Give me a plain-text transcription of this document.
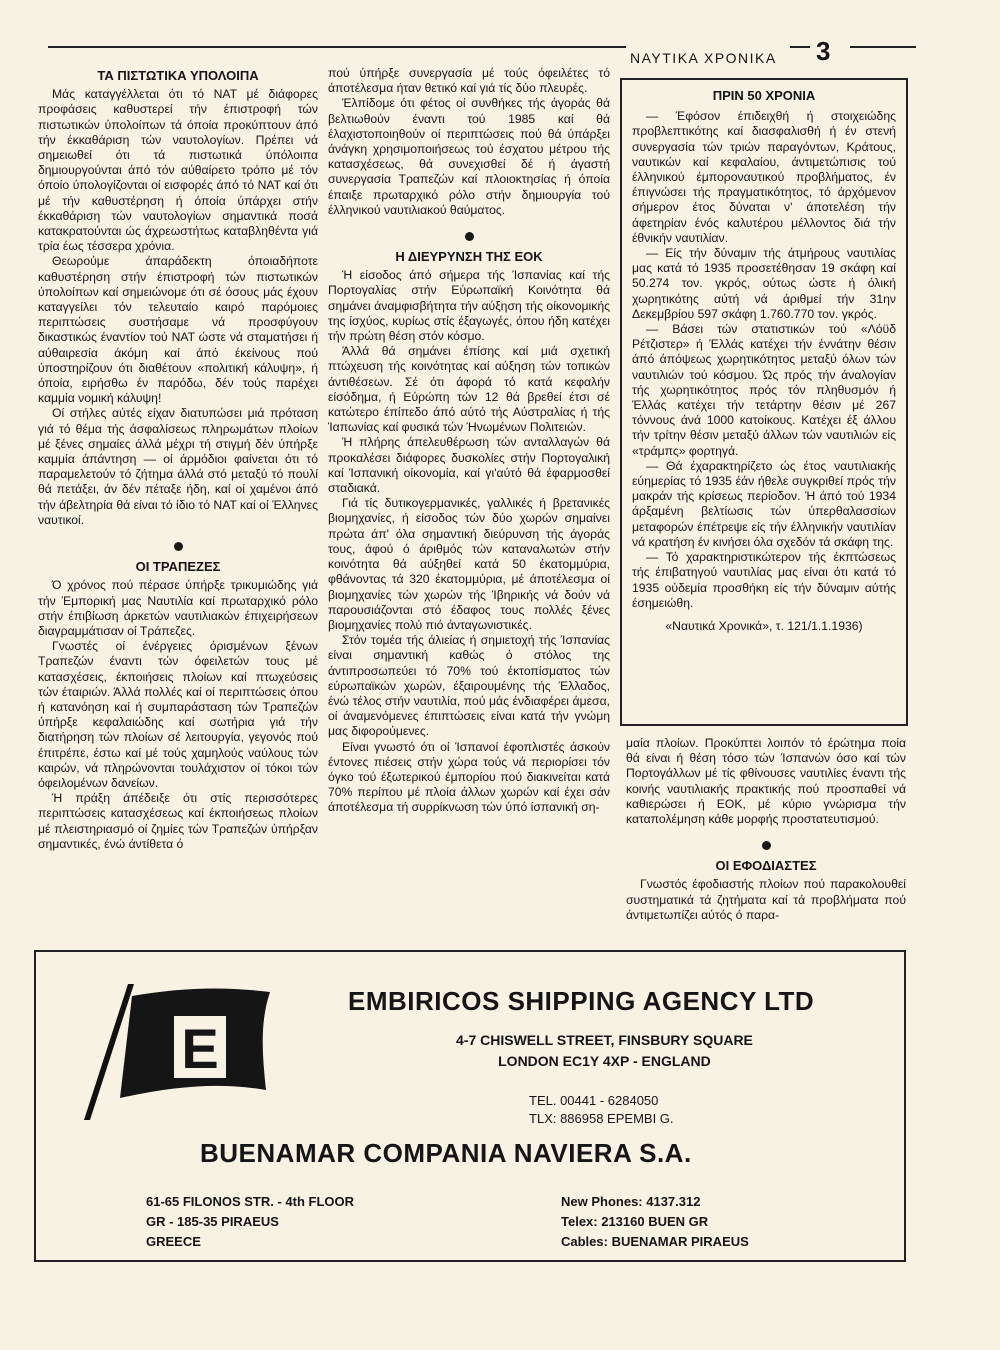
ΝΑΥΤΙΚΑ ΧΡΟΝΙΚΑ 3
ΤΑ ΠΙΣΤΩΤΙΚΑ ΥΠΟΛΟΙΠΑ

Μάς καταγγέλλεται ότι τό ΝΑΤ μέ διάφορες προφάσεις καθυστερεί τήν έπιστροφή τών πιστωτικών ύπολοίπων τά όποία προκύπτουν άπό τήν έκκαθάριση τών ναυτολογίων. Πρέπει νά σημειωθεί ότι τά πιστωτικά ύπόλοιπα δημιουργούνται άπό τόν αύθαίρετο τρόπο μέ τόν όποίο ύπολογίζονται οί εισφορές άπό τό ΝΑΤ καί ότι μέ τήν καθυστέρηση ή όποία ύπάρχει στήν έκκαθάριση τών ναυτολογίων σημαντικά ποσά κατακρατούνται ώς άχρεωστήτως καταβληθέντα γιά τρία έως τέσσερα χρόνια.

Θεωρούμε άπαράδεκτη όποιαδήποτε καθυστέρηση στήν έπιστροφή τών πιστωτικών ύπολοίπων καί σημειώνομε ότι σέ όσους μάς έχουν καταγγείλει τόν τελευταίο καιρό παρόμοιες περιπτώσεις συστήσαμε νά προσφύγουν δικαστικώς έναντίον τού ΝΑΤ ώστε νά σταματήσει ή αύθαιρεσία άκόμη καί άπό έκείνους πού ύποστηρίζουν ότι διαθέτουν «πολιτική κάλυψη», ή όποία, ειρήσθω έν παρόδω, δέν τούς παρέχει καμμία νομική κάλυψη!

Οί στήλες αύτές είχαν διατυπώσει μιά πρόταση γιά τό θέμα τής άσφαλίσεως πληρωμάτων πλοίων μέ ξένες σημαίες άλλά μέχρι τή στιγμή δέν ύπήρξε καμμία άπάντηση — οί άρμόδιοι φαίνεται ότι τό παραμελετούν τό ζήτημα άλλά στό μεταξύ τό πουλί θά πετάξει, άν δέν πέταξε ήδη, καί οί χαμένοι άπό τήν άβελτηρία θά είναι τό ίδιο τό ΝΑΤ καί οί Έλληνες ναυτικοί.

ΟΙ ΤΡΑΠΕΖΕΣ

Ό χρόνος πού πέρασε ύπήρξε τρικυμιώδης γιά τήν Έμπορική μας Ναυτιλία καί πρωταρχικό ρόλο στήν έπιβίωση άρκετών ναυτιλιακών έπιχειρήσεων διαγραμμάτισαν οί Τράπεζες.

Γνωστές οί ένέργειες όρισμένων ξένων Τραπεζών έναντι τών όφειλετών τους μέ κατασχέσεις, έκποιήσεις πλοίων καί πτωχεύσεις τών έταιριών. Άλλά πολλές καί οί περιπτώσεις όπου ή κατανόηση καί ή συμπαράσταση τών Τραπεζών ύπήρξε κεφαλαιώδης καί σωτήρια γιά τήν διατήρηση τών πλοίων σέ λειτουργία, γεγονός πού έπιτρέπε, έστω καί μέ τούς χαμηλούς ναύλους τών καιρών, νά πληρώνονται τουλάχιστον οί τόκοι τών όφειλομένων δανείων.

Ή πράξη άπέδειξε ότι στίς περισσότερες περιπτώσεις κατασχέσεως καί έκποιήσεως πλοίων μέ πλειστηριασμό οί ζημίες τών Τραπεζών ύπήρξαν σημαντικές, ένώ άντίθετα ό

πού ύπήρξε συνεργασία μέ τούς όφειλέτες τό άποτέλεσμα ήταν θετικό καί γιά τίς δύο πλευρές.

Έλπίδομε ότι φέτος οί συνθήκες τής άγοράς θά βελτιωθούν έναντι τού 1985 καί θά έλαχιστοποιηθούν οί περιπτώσεις πού θά ύπάρξει άνάγκη χρησιμοποιήσεως τού έσχατου μέτρου τής κατασχέσεως, θά συνεχισθεί δέ ή άγαστή συνεργασία Τραπεζών καί πλοιοκτησίας ή όποία έπαιξε πρωταρχικό ρόλο στήν δημιουργία τού έλληνικού ναυτιλιακού θαύματος.

Η ΔΙΕΥΡΥΝΣΗ ΤΗΣ ΕΟΚ

Ή είσοδος άπό σήμερα τής Ίσπανίας καί τής Πορτογαλίας στήν Εύρωπαϊκή Κοινότητα θά σημάνει άναμφισβήτητα τήν αύξηση τής οίκονομικής της ίσχύος, κυρίως στίς έξαγωγές, όπου ήδη κατέχει τήν πρώτη θέση στόν κόσμο.

Άλλά θά σημάνει έπίσης καί μιά σχετική πτώχευση τής κοινότητας καί αύξηση τών τοπικών άντιθέσεων. Σέ ότι άφορά τό κατά κεφαλήν είσόδημα, ή Εύρώπη τών 12 θά βρεθεί έτσι σέ κατώτερο έπίπεδο άπό αύτό τής Αύστραλίας ή τής Ίαπωνίας καί φυσικά τών Ήνωμένων Πολιτειών.

Ή πλήρης άπελευθέρωση τών ανταλλαγών θά προκαλέσει διάφορες δυσκολίες στήν Πορτογαλική καί Ίσπανική οίκονομία, καί γι'αύτό θά έφαρμοσθεί σταδιακά.

Γιά τίς δυτικογερμανικές, γαλλικές ή βρετανικές βιομηχανίες, ή είσοδος τών δύο χωρών σημαίνει πρώτα άπ' όλα σημαντική διεύρυνση τής άγοράς τους, άφού ό άριθμός τών καταναλωτών στήν κοινότητα θά αύξηθεί κατά 50 έκατομμύρια, φθάνοντας τά 320 έκατομμύρια, μέ άποτέλεσμα οί βιομηχανίες τών χωρών τής Ίβηρικής νά δούν νά παρουσιάζονται στό έδαφος τους πολλές ξένες βιομηχανίες πολύ πιό άνταγωνιστικές.

Στόν τομέα τής άλιείας ή σημιετοχή τής Ίσπανίας είναι σημαντική καθώς ό στόλος της άντιπροσωπεύει τό 70% τού έκτοπίσματος τών εύρωπαϊκών χωρών, έξαιρουμένης τής Έλλαδος, ένώ τέλος στήν ναυτιλία, πού μάς ένδιαφέρει άμεσα, οί άναμενόμενες έπιπτώσεις είναι κατά τήν γνώμη μας διφορούμενες.

Είναι γνωστό ότι οί Ίσπανοί έφοπλιστές άσκούν έντονες πιέσεις στήν χώρα τούς νά περιορίσει τόν όγκο τού έξωτερικού έμπορίου πού διακινείται κατά 70% περίπου μέ πλοία άλλων χωρών καί έχει σάν άποτέλεσμα τή συρρίκνωση τών ύπό ίσπανική ση-

ΠΡΙΝ 50 ΧΡΟΝΙΑ

— Έφόσον έπιδειχθή ή στοιχειώδης προβλεπτικότης καί διασφαλισθή ή έν στενή συνεργασία τών τριών παραγόντων, Κράτους, ναυτικών καί κεφαλαίου, άντιμετώπισις τού έλληνικού έμποροναυτικού προβλήματος, έν έπιγνώσει τής πραγματικότητος, τό άρχόμενον σήμερον έτος δύναται ν' άποτελέση τήν άφετηρίαν ένός καλυτέρου μέλλοντος διά τήν έθνικήν ναυτιλίαν.

— Είς τήν δύναμιν τής άτμήρους ναυτιλίας μας κατά τό 1935 προσετέθησαν 19 σκάφη καί 50.274 τον. γκρός, ούτως ώστε ή όλική χωρητικότης αύτή νά άριθμεί τήν 31ην Δεκεμβρίου 597 σκάφη 1.760.770 τον. γκρός.

— Βάσει τών στατιστικών τού «Λόϋδ Ρέτζιστερ» ή Έλλάς κατέχει τήν έννάτην θέσιν άπό άπόψεως χωρητικότητος μεταξύ όλων τών ναυτιλιών τού κόσμου. Ώς πρός τήν άναλογίαν τής χωρητικότητος πρός τόν πληθυσμόν ή Έλλάς κατέχει τήν τετάρτην θέσιν μέ 267 τόννους άνά 1000 κατοίκους. Κατέχει έξ άλλου τήν τρίτην θέσιν μεταξύ άλλων τών ναυτιλιών είς «τράμπς» φορτηγά.

— Θά έχαρακτηρίζετο ώς έτος ναυτιλιακής εύημερίας τό 1935 έάν ήθελε συγκριθεί πρός τήν μακράν τής κρίσεως περίοδον. Ή άπό τού 1934 άρξαμένη βελτίωσις τών ύπερθαλασσίων μεταφορών έπέτρεψε είς τήν έλληνικήν ναυτιλίαν νά κρατήση έν κινήσει όλα σχεδόν τά σκάφη της.

— Τό χαρακτηριστικώτερον τής έκπτώσεως τής έπιβατηγού ναυτιλίας μας είναι ότι κατά τό 1935 ούδεμία προσθήκη είς τήν δύναμιν αύτής έσημειώθη.

«Ναυτικά Χρονικά», τ. 121/1.1.1936)

μαία πλοίων. Προκύπτει λοιπόν τό έρώτημα ποία θά είναι ή θέση τόσο τών Ίσπανών όσο καί τών Πορτογάλλων μέ τίς φθίνουσες ναυτιλίες έναντι τής κοινής ναυτιλιακής πρακτικής πού προσπαθεί νά καθιερώσει ή ΕΟΚ, μέ κύριο γνώρισμα τήν καταπολέμηση κάθε μορφής προστατευτισμού.

ΟΙ ΕΦΟΔΙΑΣΤΕΣ

Γνωστός έφοδιαστής πλοίων πού παρακολουθεί συστηματικά τά ζητήματα καί τά προβλήματα πού άντιμετωπίζει αύτός ό παρα-

E
EMBIRICOS SHIPPING AGENCY LTD
4-7 CHISWELL STREET, FINSBURY SQUARE
LONDON EC1Y 4XP - ENGLAND
TEL. 00441 - 6284050
TLX: 886958 EPEMBI G.
BUENAMAR COMPANIA NAVIERA S.A.
61-65 FILONOS STR. - 4th FLOOR
GR - 185-35 PIRAEUS
GREECE
New Phones: 4137.312
Telex: 213160 BUEN GR
Cables: BUENAMAR PIRAEUS
